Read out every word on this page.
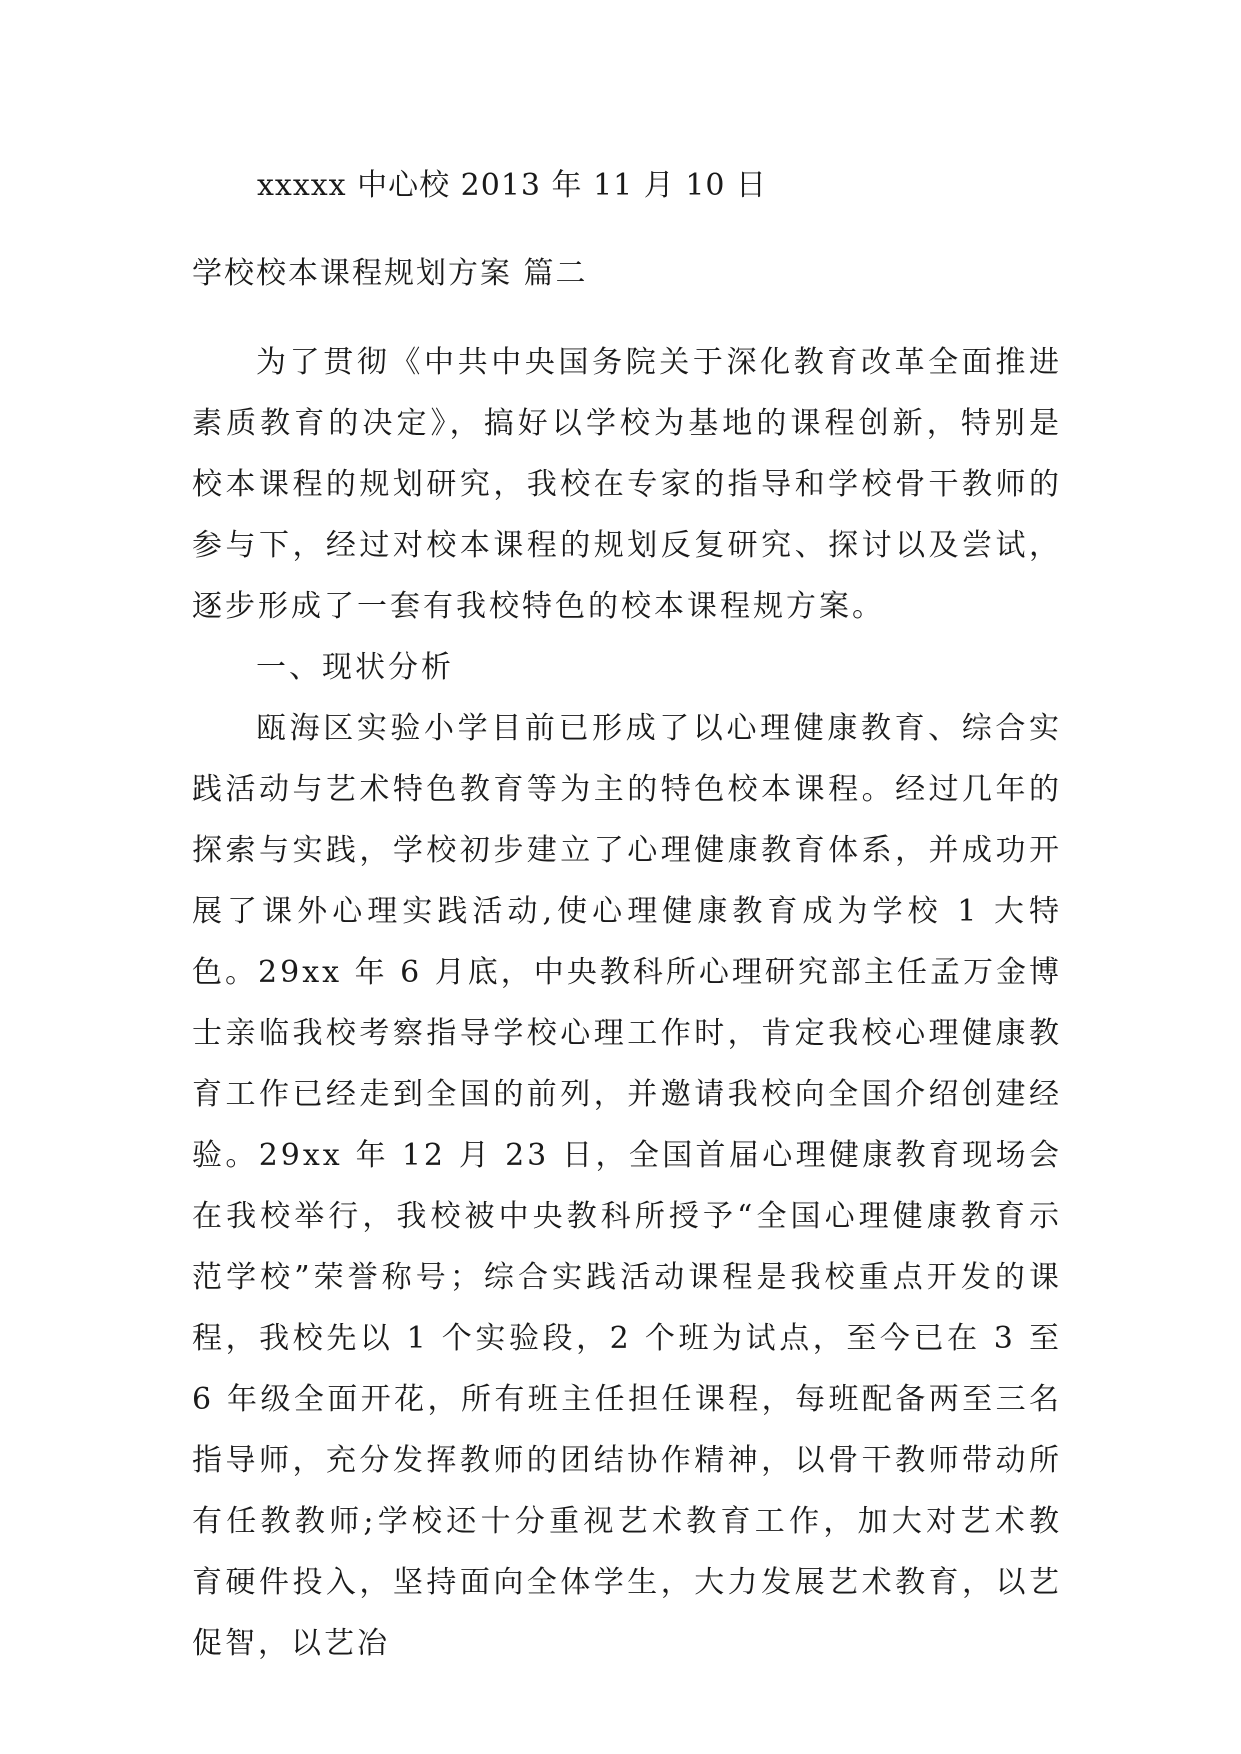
xxxxx 中心校 2013 年 11 月 10 日
学校校本课程规划方案 篇二

为了贯彻《中共中央国务院关于深化教育改革全面推进素质教育的决定》，搞好以学校为基地的课程创新，特别是校本课程的规划研究，我校在专家的指导和学校骨干教师的参与下，经过对校本课程的规划反复研究、探讨以及尝试，逐步形成了一套有我校特色的校本课程规方案。

一、现状分析

瓯海区实验小学目前已形成了以心理健康教育、综合实践活动与艺术特色教育等为主的特色校本课程。经过几年的探索与实践，学校初步建立了心理健康教育体系，并成功开展了课外心理实践活动,使心理健康教育成为学校 1 大特色。29xx 年 6 月底，中央教科所心理研究部主任孟万金博士亲临我校考察指导学校心理工作时，肯定我校心理健康教育工作已经走到全国的前列，并邀请我校向全国介绍创建经验。29xx 年 12 月 23 日，全国首届心理健康教育现场会在我校举行，我校被中央教科所授予“全国心理健康教育示范学校”荣誉称号；综合实践活动课程是我校重点开发的课程，我校先以 1 个实验段，2 个班为试点，至今已在 3 至 6 年级全面开花，所有班主任担任课程，每班配备两至三名指导师，充分发挥教师的团结协作精神，以骨干教师带动所有任教教师;学校还十分重视艺术教育工作，加大对艺术教育硬件投入，坚持面向全体学生，大力发展艺术教育，以艺促智，以艺冶
